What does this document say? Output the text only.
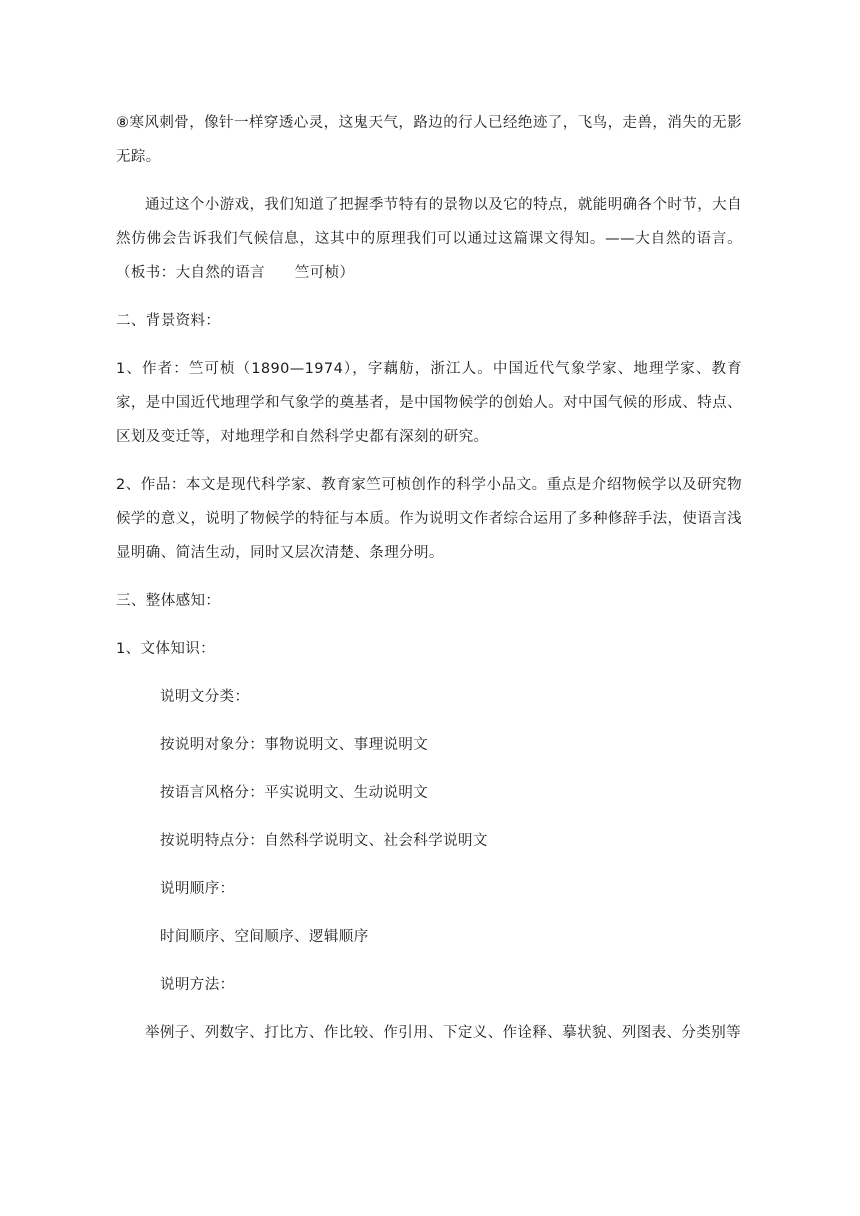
⑧寒风刺骨，像针一样穿透心灵，这鬼天气，路边的行人已经绝迹了，飞鸟，走兽，消失的无影无踪。

通过这个小游戏，我们知道了把握季节特有的景物以及它的特点，就能明确各个时节，大自然仿佛会告诉我们气候信息，这其中的原理我们可以通过这篇课文得知。——大自然的语言。（板书：大自然的语言　　竺可桢）

二、背景资料：

1、作者：竺可桢（1890—1974），字藕舫，浙江人。中国近代气象学家、地理学家、教育家，是中国近代地理学和气象学的奠基者，是中国物候学的创始人。对中国气候的形成、特点、区划及变迁等，对地理学和自然科学史都有深刻的研究。

2、作品：本文是现代科学家、教育家竺可桢创作的科学小品文。重点是介绍物候学以及研究物候学的意义，说明了物候学的特征与本质。作为说明文作者综合运用了多种修辞手法，使语言浅显明确、简洁生动，同时又层次清楚、条理分明。

三、整体感知：

1、文体知识：

说明文分类：

按说明对象分：事物说明文、事理说明文

按语言风格分：平实说明文、生动说明文

按说明特点分：自然科学说明文、社会科学说明文

说明顺序：

时间顺序、空间顺序、逻辑顺序

说明方法：

举例子、列数字、打比方、作比较、作引用、下定义、作诠释、摹状貌、列图表、分类别等
